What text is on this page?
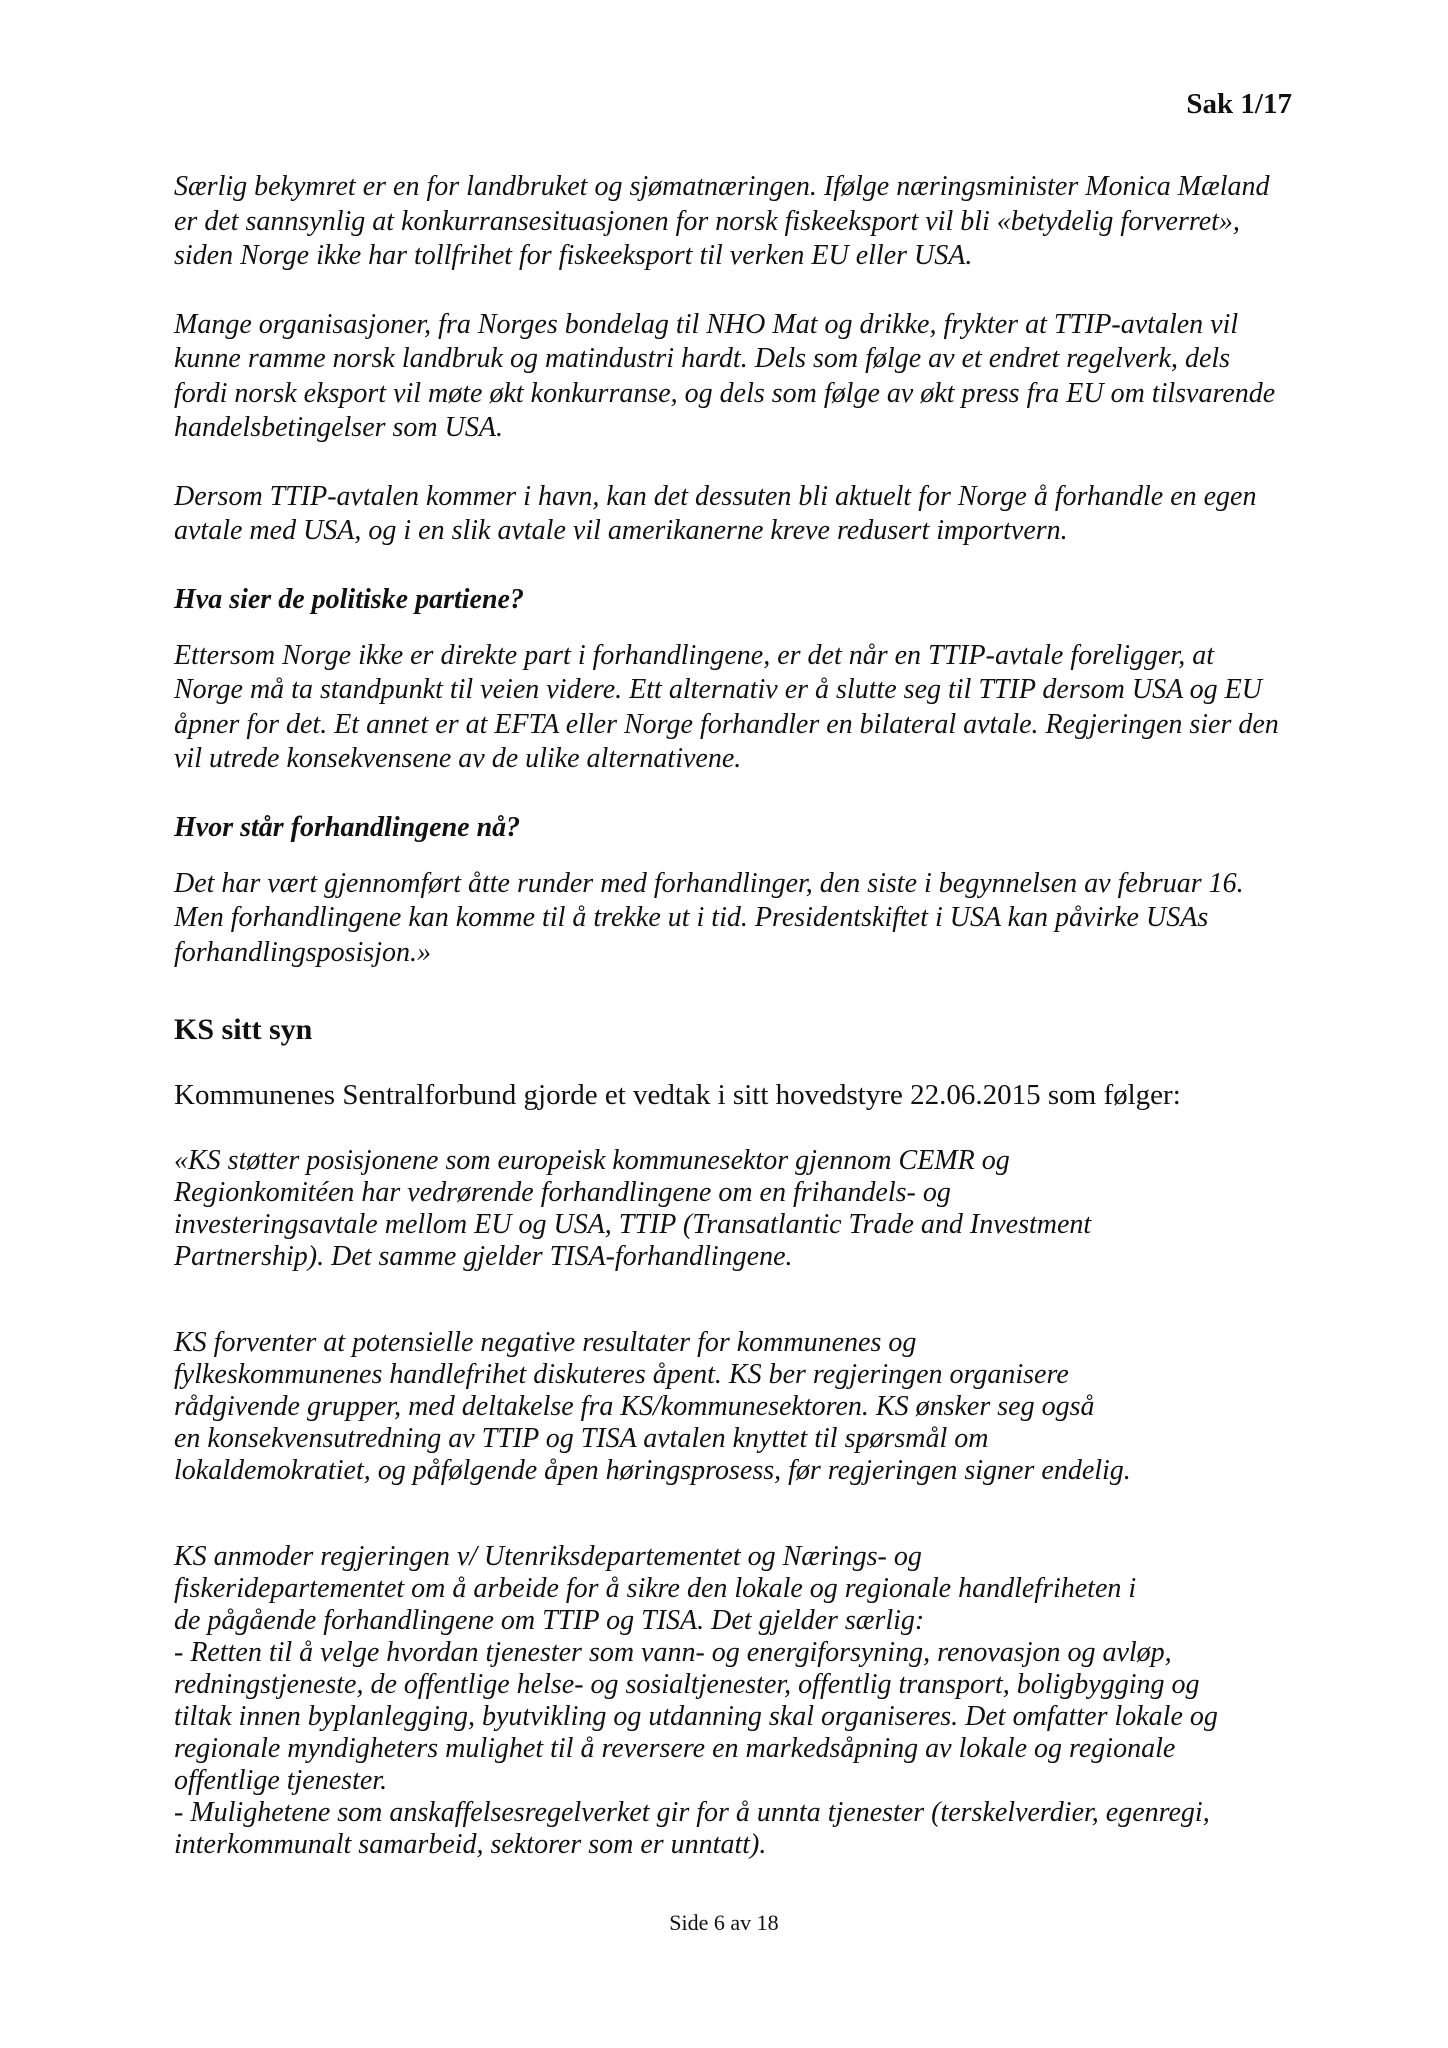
Sak 1/17

Særlig bekymret er en for landbruket og sjømatnæringen. Ifølge næringsminister Monica Mæland er det sannsynlig at konkurransesituasjonen for norsk fiskeeksport vil bli «betydelig forverret», siden Norge ikke har tollfrihet for fiskeeksport til verken EU eller USA.

Mange organisasjoner, fra Norges bondelag til NHO Mat og drikke, frykter at TTIP-avtalen vil kunne ramme norsk landbruk og matindustri hardt. Dels som følge av et endret regelverk, dels fordi norsk eksport vil møte økt konkurranse, og dels som følge av økt press fra EU om tilsvarende handelsbetingelser som USA.

Dersom TTIP-avtalen kommer i havn, kan det dessuten bli aktuelt for Norge å forhandle en egen avtale med USA, og i en slik avtale vil amerikanerne kreve redusert importvern.

Hva sier de politiske partiene?

Ettersom Norge ikke er direkte part i forhandlingene, er det når en TTIP-avtale foreligger, at Norge må ta standpunkt til veien videre. Ett alternativ er å slutte seg til TTIP dersom USA og EU åpner for det. Et annet er at EFTA eller Norge forhandler en bilateral avtale. Regjeringen sier den vil utrede konsekvensene av de ulike alternativene.

Hvor står forhandlingene nå?

Det har vært gjennomført åtte runder med forhandlinger, den siste i begynnelsen av februar 16. Men forhandlingene kan komme til å trekke ut i tid. Presidentskiftet i USA kan påvirke USAs forhandlingsposisjon.»

KS sitt syn

Kommunenes Sentralforbund gjorde et vedtak i sitt hovedstyre 22.06.2015 som følger:

«KS støtter posisjonene som europeisk kommunesektor gjennom CEMR og

Regionkomitéen har vedrørende forhandlingene om en frihandels- og

investeringsavtale mellom EU og USA, TTIP (Transatlantic Trade and Investment

Partnership). Det samme gjelder TISA-forhandlingene.

KS forventer at potensielle negative resultater for kommunenes og

fylkeskommunenes handlefrihet diskuteres åpent. KS ber regjeringen organisere

rådgivende grupper, med deltakelse fra KS/kommunesektoren. KS ønsker seg også

en konsekvensutredning av TTIP og TISA avtalen knyttet til spørsmål om

lokaldemokratiet, og påfølgende åpen høringsprosess, før regjeringen signer endelig.

KS anmoder regjeringen v/ Utenriksdepartementet og Nærings- og

fiskeridepartementet om å arbeide for å sikre den lokale og regionale handlefriheten i

de pågående forhandlingene om TTIP og TISA. Det gjelder særlig:

- Retten til å velge hvordan tjenester som vann- og energiforsyning, renovasjon og avløp,

redningstjeneste, de offentlige helse- og sosialtjenester, offentlig transport, boligbygging og

tiltak innen byplanlegging, byutvikling og utdanning skal organiseres. Det omfatter lokale og

regionale myndigheters mulighet til å reversere en markedsåpning av lokale og regionale

offentlige tjenester.

- Mulighetene som anskaffelsesregelverket gir for å unnta tjenester (terskelverdier, egenregi,

interkommunalt samarbeid, sektorer som er unntatt).

Side 6 av 18
